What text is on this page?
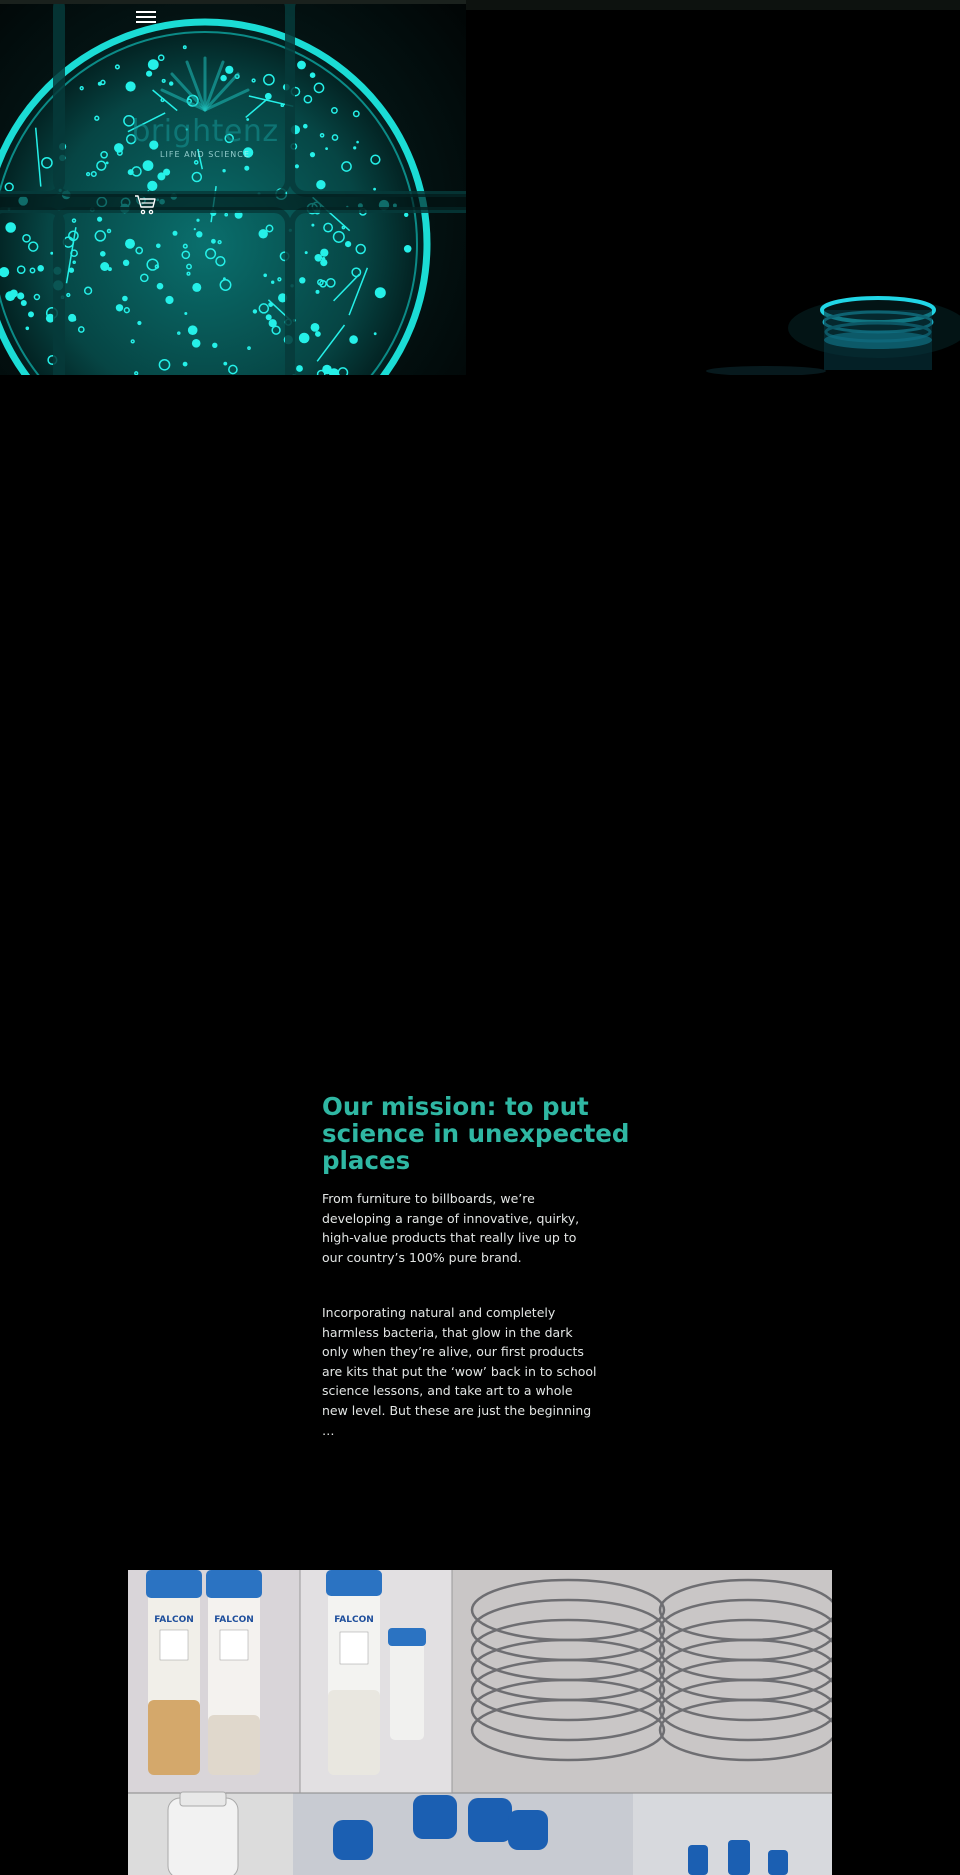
brightenz
LIFE AND SCIENCE
Our mission: to put science in unexpected places

From furniture to billboards, we’re developing a range of innovative, quirky, high-value products that really live up to our country’s 100% pure brand.

Incorporating natural and completely harmless bacteria, that glow in the dark only when they’re alive, our first products are kits that put the ‘wow’ back in to school science lessons, and take art to a whole new level. But these are just the beginning …

FALCON FALCON	FALCON
